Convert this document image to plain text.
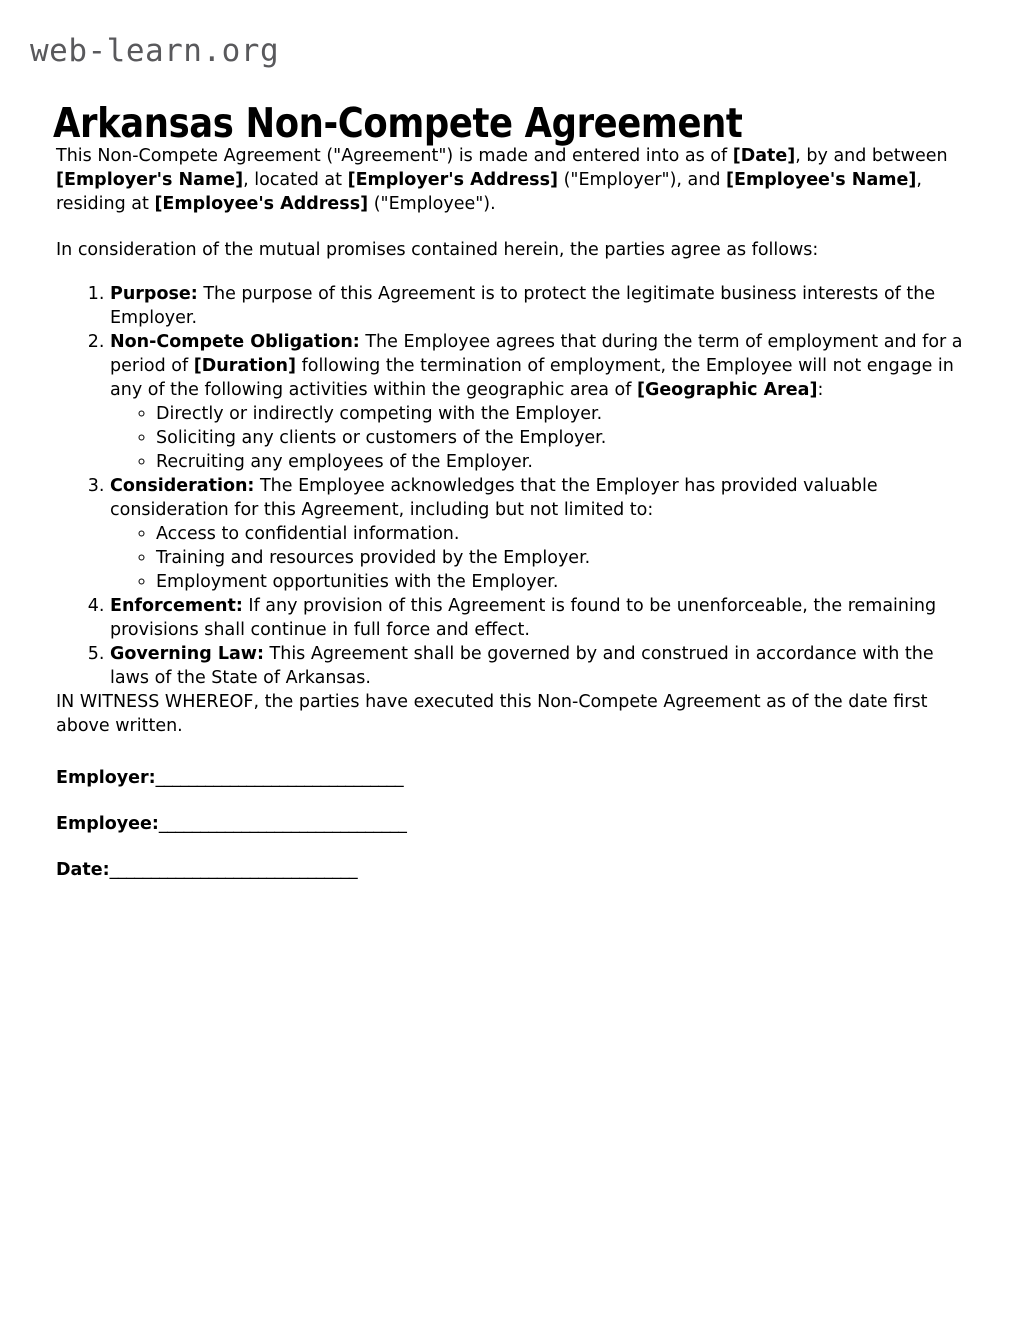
web-learn.org
Arkansas Non-Compete Agreement

This Non-Compete Agreement ("Agreement") is made and entered into as of [Date], by and between [Employer's Name], located at [Employer's Address] ("Employer"), and [Employee's Name], residing at [Employee's Address] ("Employee").

In consideration of the mutual promises contained herein, the parties agree as follows:

1. Purpose: The purpose of this Agreement is to protect the legitimate business interests of the Employer.
2. Non-Compete Obligation: The Employee agrees that during the term of employment and for a period of [Duration] following the termination of employment, the Employee will not engage in any of the following activities within the geographic area of [Geographic Area]:
◦ Directly or indirectly competing with the Employer.
◦ Soliciting any clients or customers of the Employer.
◦ Recruiting any employees of the Employer.
3. Consideration: The Employee acknowledges that the Employer has provided valuable consideration for this Agreement, including but not limited to:
◦ Access to confidential information.
◦ Training and resources provided by the Employer.
◦ Employment opportunities with the Employer.
4. Enforcement: If any provision of this Agreement is found to be unenforceable, the remaining provisions shall continue in full force and effect.
5. Governing Law: This Agreement shall be governed by and construed in accordance with the laws of the State of Arkansas.

IN WITNESS WHEREOF, the parties have executed this Non-Compete Agreement as of the date first above written.

Employer:______________________________
Employee:______________________________
Date:______________________________
